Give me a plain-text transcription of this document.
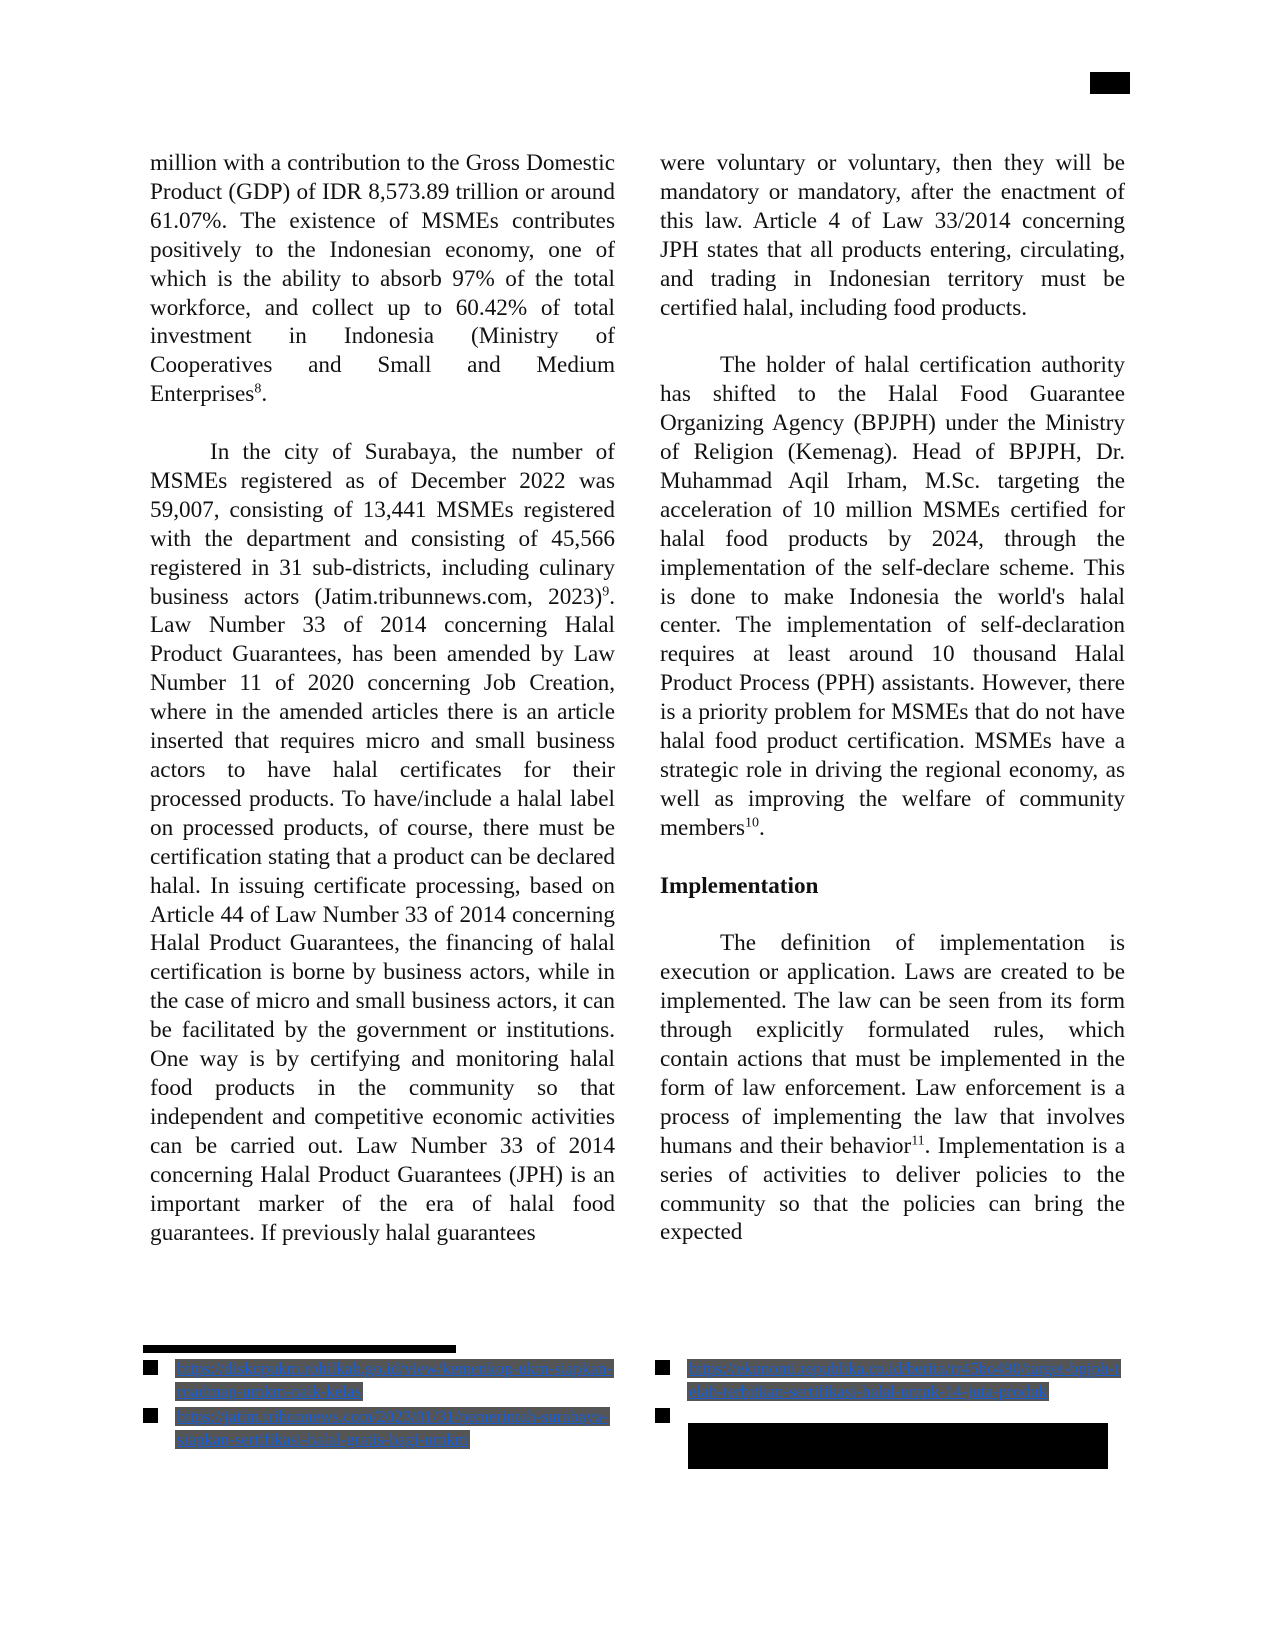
million with a contribution to the Gross Domestic Product (GDP) of IDR 8,573.89 trillion or around 61.07%. The existence of MSMEs contributes positively to the Indonesian economy, one of which is the ability to absorb 97% of the total workforce, and collect up to 60.42% of total investment in Indonesia (Ministry of Cooperatives and Small and Medium Enterprises$^8$.

In the city of Surabaya, the number of MSMEs registered as of December 2022 was 59,007, consisting of 13,441 MSMEs registered with the department and consisting of 45,566 registered in 31 sub-districts, including culinary business actors (Jatim.tribunnews.com, 2023)$^9$. Law Number 33 of 2014 concerning Halal Product Guarantees, has been amended by Law Number 11 of 2020 concerning Job Creation, where in the amended articles there is an article inserted that requires micro and small business actors to have halal certificates for their processed products. To have/include a halal label on processed products, of course, there must be certification stating that a product can be declared halal. In issuing certificate processing, based on Article 44 of Law Number 33 of 2014 concerning Halal Product Guarantees, the financing of halal certification is borne by business actors, while in the case of micro and small business actors, it can be facilitated by the government or institutions. One way is by certifying and monitoring halal food products in the community so that independent and competitive economic activities can be carried out. Law Number 33 of 2014 concerning Halal Product Guarantees (JPH) is an important marker of the era of halal food guarantees. If previously halal guarantees

were voluntary or voluntary, then they will be mandatory or mandatory, after the enactment of this law. Article 4 of Law 33/2014 concerning JPH states that all products entering, circulating, and trading in Indonesian territory must be certified halal, including food products.

The holder of halal certification authority has shifted to the Halal Food Guarantee Organizing Agency (BPJPH) under the Ministry of Religion (Kemenag). Head of BPJPH, Dr. Muhammad Aqil Irham, M.Sc. targeting the acceleration of 10 million MSMEs certified for halal food products by 2024, through the implementation of the self-declare scheme. This is done to make Indonesia the world's halal center. The implementation of self-declaration requires at least around 10 thousand Halal Product Process (PPH) assistants. However, there is a priority problem for MSMEs that do not have halal food product certification. MSMEs have a strategic role in driving the regional economy, as well as improving the welfare of community members$^{10}$.

Implementation

The definition of implementation is execution or application. Laws are created to be implemented. The law can be seen from its form through explicitly formulated rules, which contain actions that must be implemented in the form of law enforcement. Law enforcement is a process of implementing the law that involves humans and their behavior$^{11}$. Implementation is a series of activities to deliver policies to the community so that the policies can bring the expected

https://diskopukm.rohilkab.go.id/view/kemenkop-ukm-siapkan-roadmap-umkm-naik-kelas
https://jatim.tribunnews.com/2023/01/31/pemerintah-surabaya-siapkan-sertifikasi-halal-gratis-bagi-umkm
https://ekonomi.republika.co.id/berita/rr45bo490/target-bpjph-telah-terbitkan-sertifikasi-halal-untuk-14-juta-produk
